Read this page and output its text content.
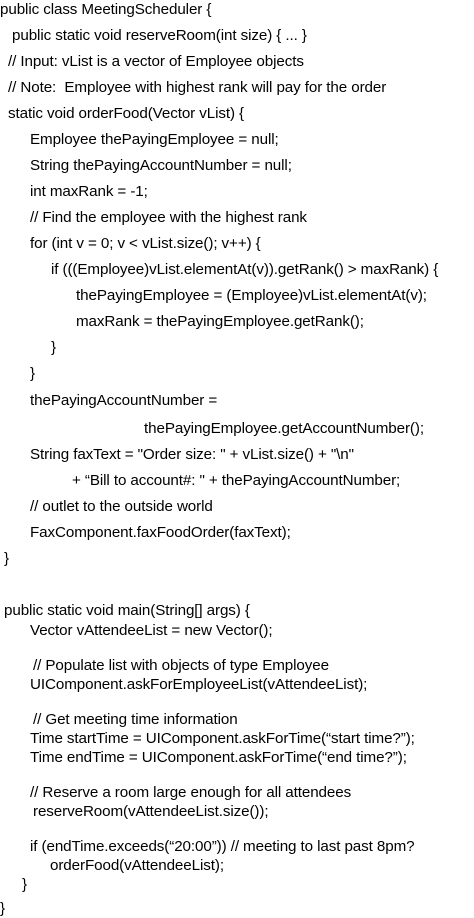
public class MeetingScheduler {
public static void reserveRoom(int size) { ... }
// Input: vList is a vector of Employee objects
// Note:  Employee with highest rank will pay for the order
static void orderFood(Vector vList) {
Employee thePayingEmployee = null;
String thePayingAccountNumber = null;
int maxRank = -1;
// Find the employee with the highest rank
for (int v = 0; v < vList.size(); v++) {
if (((Employee)vList.elementAt(v)).getRank() > maxRank) {
thePayingEmployee = (Employee)vList.elementAt(v);
maxRank = thePayingEmployee.getRank();
}
}
thePayingAccountNumber =
thePayingEmployee.getAccountNumber();
String faxText = "Order size: " + vList.size() + "\n"
+ “Bill to account#: " + thePayingAccountNumber;
// outlet to the outside world
FaxComponent.faxFoodOrder(faxText);
}
public static void main(String[] args) {
Vector vAttendeeList = new Vector();
// Populate list with objects of type Employee
UIComponent.askForEmployeeList(vAttendeeList);
// Get meeting time information
Time startTime = UIComponent.askForTime(“start time?”);
Time endTime = UIComponent.askForTime(“end time?”);
// Reserve a room large enough for all attendees
reserveRoom(vAttendeeList.size());
if (endTime.exceeds(“20:00”)) // meeting to last past 8pm?
orderFood(vAttendeeList);
}
}
